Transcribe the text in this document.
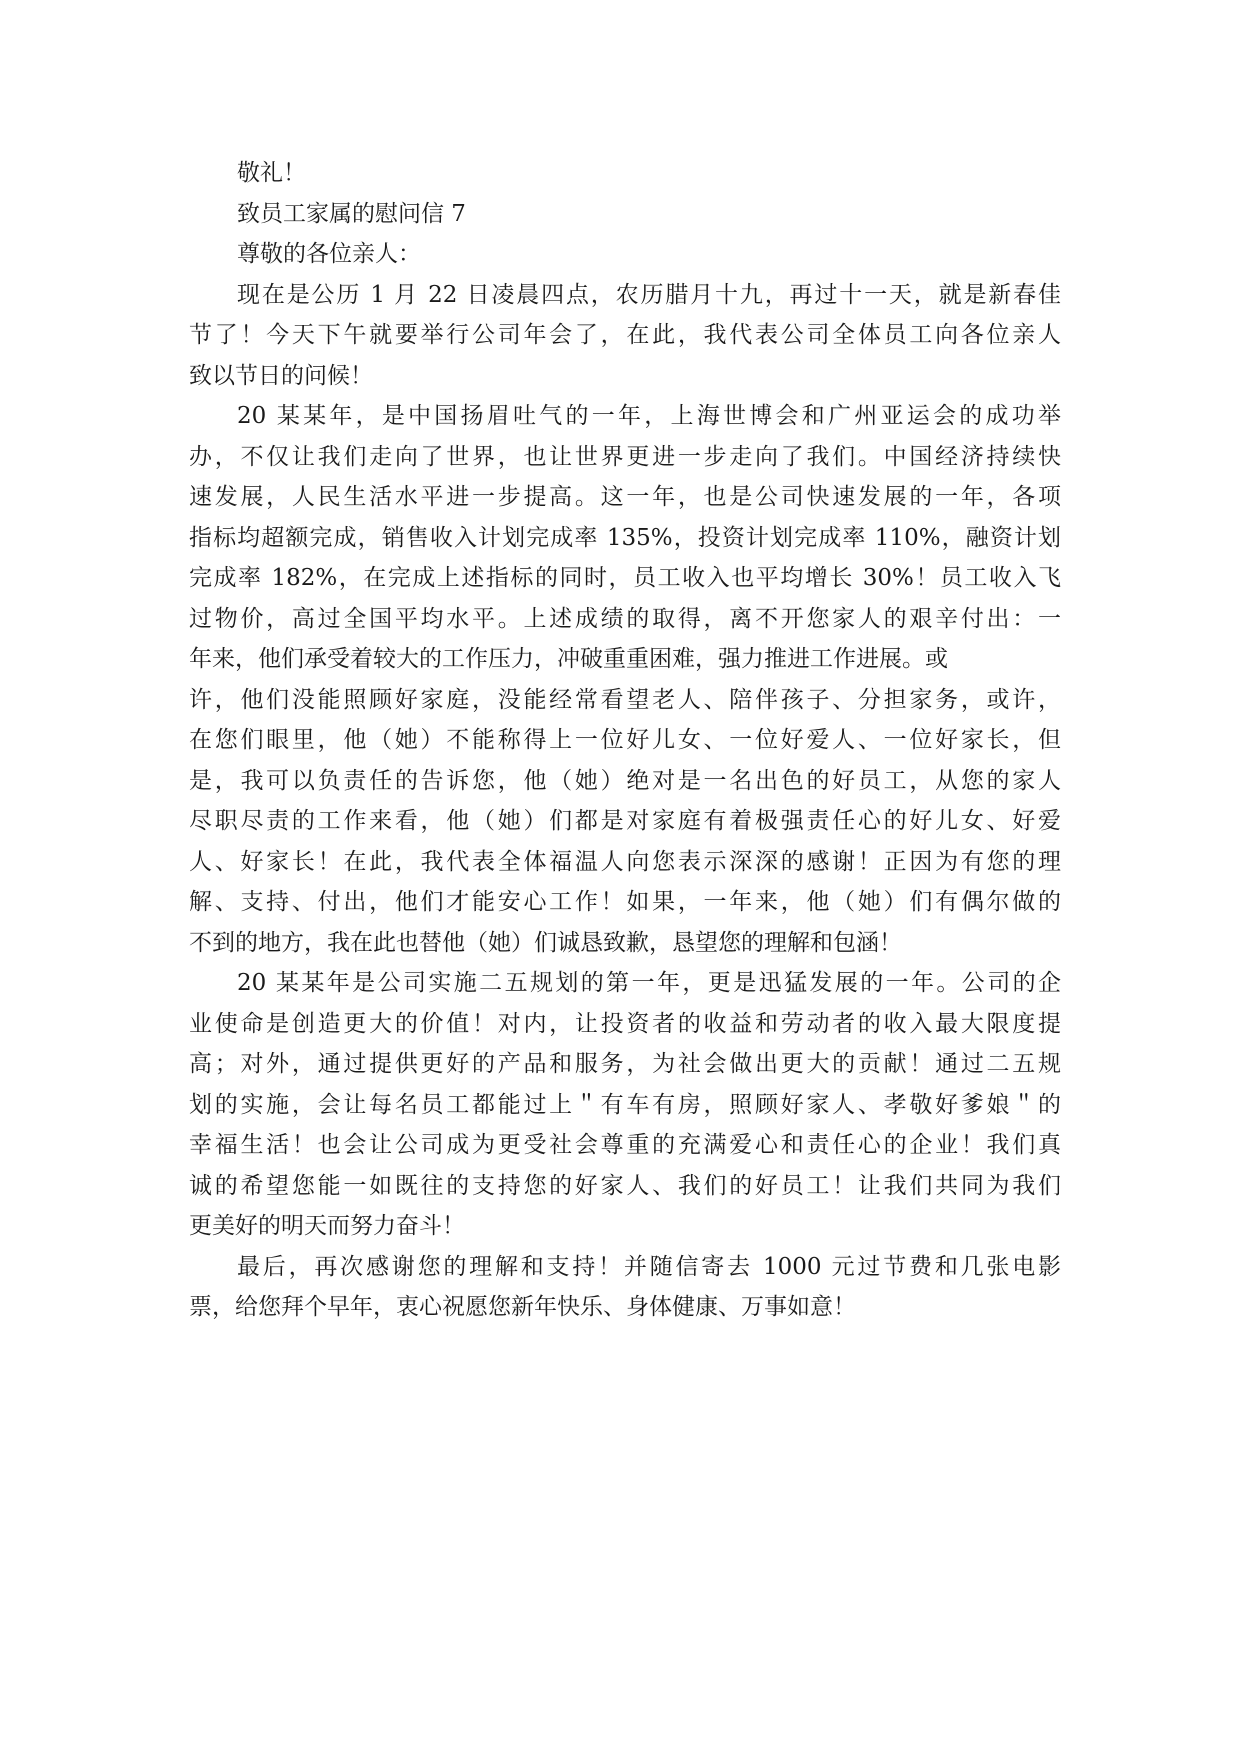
敬礼！
致员工家属的慰问信 7
尊敬的各位亲人：
现在是公历 1 月 22 日凌晨四点，农历腊月十九，再过十一天，就是新春佳
节了！今天下午就要举行公司年会了，在此，我代表公司全体员工向各位亲人
致以节日的问候！
20 某某年，是中国扬眉吐气的一年，上海世博会和广州亚运会的成功举
办，不仅让我们走向了世界，也让世界更进一步走向了我们。中国经济持续快
速发展，人民生活水平进一步提高。这一年，也是公司快速发展的一年，各项
指标均超额完成，销售收入计划完成率 135%，投资计划完成率 110%，融资计划
完成率 182%，在完成上述指标的同时，员工收入也平均增长 30%！员工收入飞
过物价，高过全国平均水平。上述成绩的取得，离不开您家人的艰辛付出：一
年来，他们承受着较大的工作压力，冲破重重困难，强力推进工作进展。或
许，他们没能照顾好家庭，没能经常看望老人、陪伴孩子、分担家务，或许，
在您们眼里，他（她）不能称得上一位好儿女、一位好爱人、一位好家长，但
是，我可以负责任的告诉您，他（她）绝对是一名出色的好员工，从您的家人
尽职尽责的工作来看，他（她）们都是对家庭有着极强责任心的好儿女、好爱
人、好家长！在此，我代表全体福温人向您表示深深的感谢！正因为有您的理
解、支持、付出，他们才能安心工作！如果，一年来，他（她）们有偶尔做的
不到的地方，我在此也替他（她）们诚恳致歉，恳望您的理解和包涵！
20 某某年是公司实施二五规划的第一年，更是迅猛发展的一年。公司的企
业使命是创造更大的价值！对内，让投资者的收益和劳动者的收入最大限度提
高；对外，通过提供更好的产品和服务，为社会做出更大的贡献！通过二五规
划的实施，会让每名员工都能过上＂有车有房，照顾好家人、孝敬好爹娘＂的
幸福生活！也会让公司成为更受社会尊重的充满爱心和责任心的企业！我们真
诚的希望您能一如既往的支持您的好家人、我们的好员工！让我们共同为我们
更美好的明天而努力奋斗！
最后，再次感谢您的理解和支持！并随信寄去 1000 元过节费和几张电影
票，给您拜个早年，衷心祝愿您新年快乐、身体健康、万事如意！
